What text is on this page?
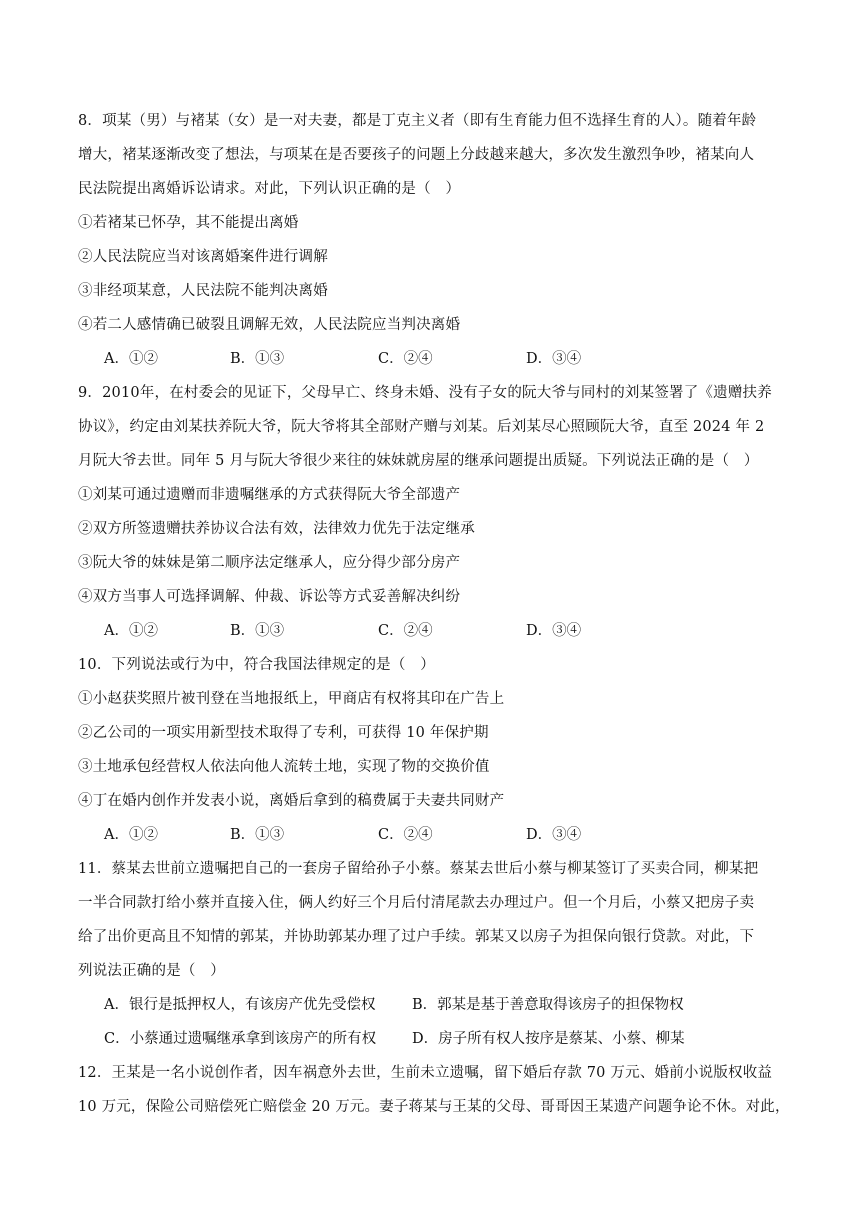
8．项某（男）与褚某（女）是一对夫妻，都是丁克主义者（即有生育能力但不选择生育的人）。随着年龄
增大，褚某逐渐改变了想法，与项某在是否要孩子的问题上分歧越来越大，多次发生激烈争吵，褚某向人
民法院提出离婚诉讼请求。对此，下列认识正确的是（　）
①若褚某已怀孕，其不能提出离婚
②人民法院应当对该离婚案件进行调解
③非经项某意，人民法院不能判决离婚
④若二人感情确已破裂且调解无效，人民法院应当判决离婚
A．①②	B．①③	C．②④	D．③④
9．2010年，在村委会的见证下，父母早亡、终身未婚、没有子女的阮大爷与同村的刘某签署了《遗赠扶养
协议》，约定由刘某扶养阮大爷，阮大爷将其全部财产赠与刘某。后刘某尽心照顾阮大爷，直至 2024 年 2
月阮大爷去世。同年 5 月与阮大爷很少来往的妹妹就房屋的继承问题提出质疑。下列说法正确的是（　）
①刘某可通过遗赠而非遗嘱继承的方式获得阮大爷全部遗产
②双方所签遗赠扶养协议合法有效，法律效力优先于法定继承
③阮大爷的妹妹是第二顺序法定继承人，应分得少部分房产
④双方当事人可选择调解、仲裁、诉讼等方式妥善解决纠纷
A．①②	B．①③	C．②④	D．③④
10．下列说法或行为中，符合我国法律规定的是（　）
①小赵获奖照片被刊登在当地报纸上，甲商店有权将其印在广告上
②乙公司的一项实用新型技术取得了专利，可获得 10 年保护期
③土地承包经营权人依法向他人流转土地，实现了物的交换价值
④丁在婚内创作并发表小说，离婚后拿到的稿费属于夫妻共同财产
A．①②	B．①③	C．②④	D．③④
11．蔡某去世前立遗嘱把自己的一套房子留给孙子小蔡。蔡某去世后小蔡与柳某签订了买卖合同，柳某把
一半合同款打给小蔡并直接入住，俩人约好三个月后付清尾款去办理过户。但一个月后，小蔡又把房子卖
给了出价更高且不知情的郭某，并协助郭某办理了过户手续。郭某又以房子为担保向银行贷款。对此，下
列说法正确的是（　）
A．银行是抵押权人，有该房产优先受偿权	B．郭某是基于善意取得该房子的担保物权
C．小蔡通过遗嘱继承拿到该房产的所有权 D．房子所有权人按序是蔡某、小蔡、柳某
12．王某是一名小说创作者，因车祸意外去世，生前未立遗嘱，留下婚后存款 70 万元、婚前小说版权收益
10 万元，保险公司赔偿死亡赔偿金 20 万元。妻子蒋某与王某的父母、哥哥因王某遗产问题争论不休。对此，
